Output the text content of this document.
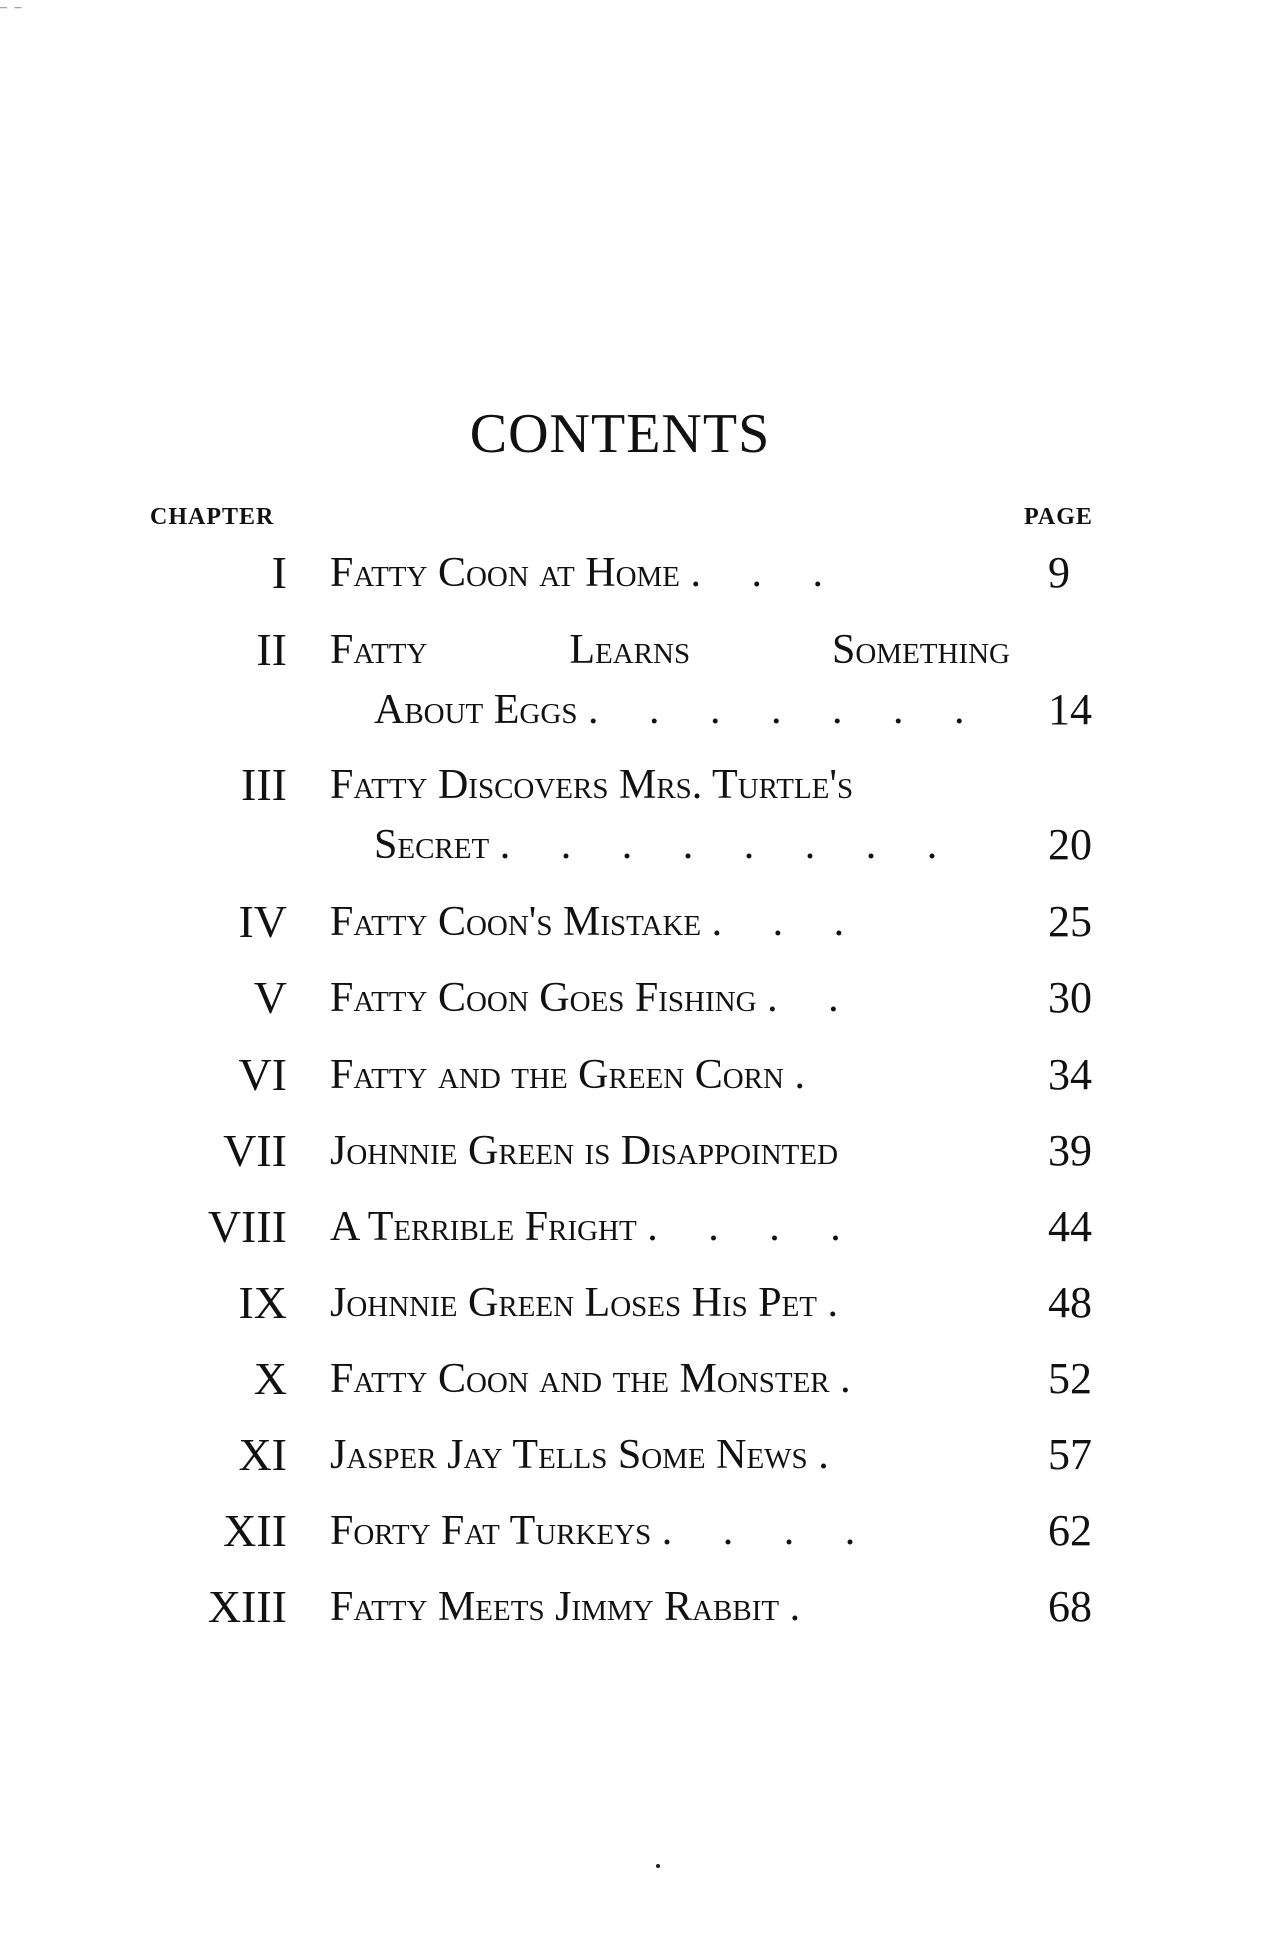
– –
CONTENTS
CHAPTER	PAGE
I Fatty Coon at Home . . .	9
II Fatty Learns Something
About Eggs . . . . . . .	14
III Fatty Discovers Mrs. Turtle's
Secret . . . . . . . .	20
IV Fatty Coon's Mistake . . .	25
V Fatty Coon Goes Fishing . .	30
VI Fatty and the Green Corn .	34
VII Johnnie Green is Disappointed	39
VIII A Terrible Fright . . . .	44
IX Johnnie Green Loses His Pet .	48
X Fatty Coon and the Monster .	52
XI Jasper Jay Tells Some News .	57
XII Forty Fat Turkeys . . . .	62
XIII Fatty Meets Jimmy Rabbit .	68
